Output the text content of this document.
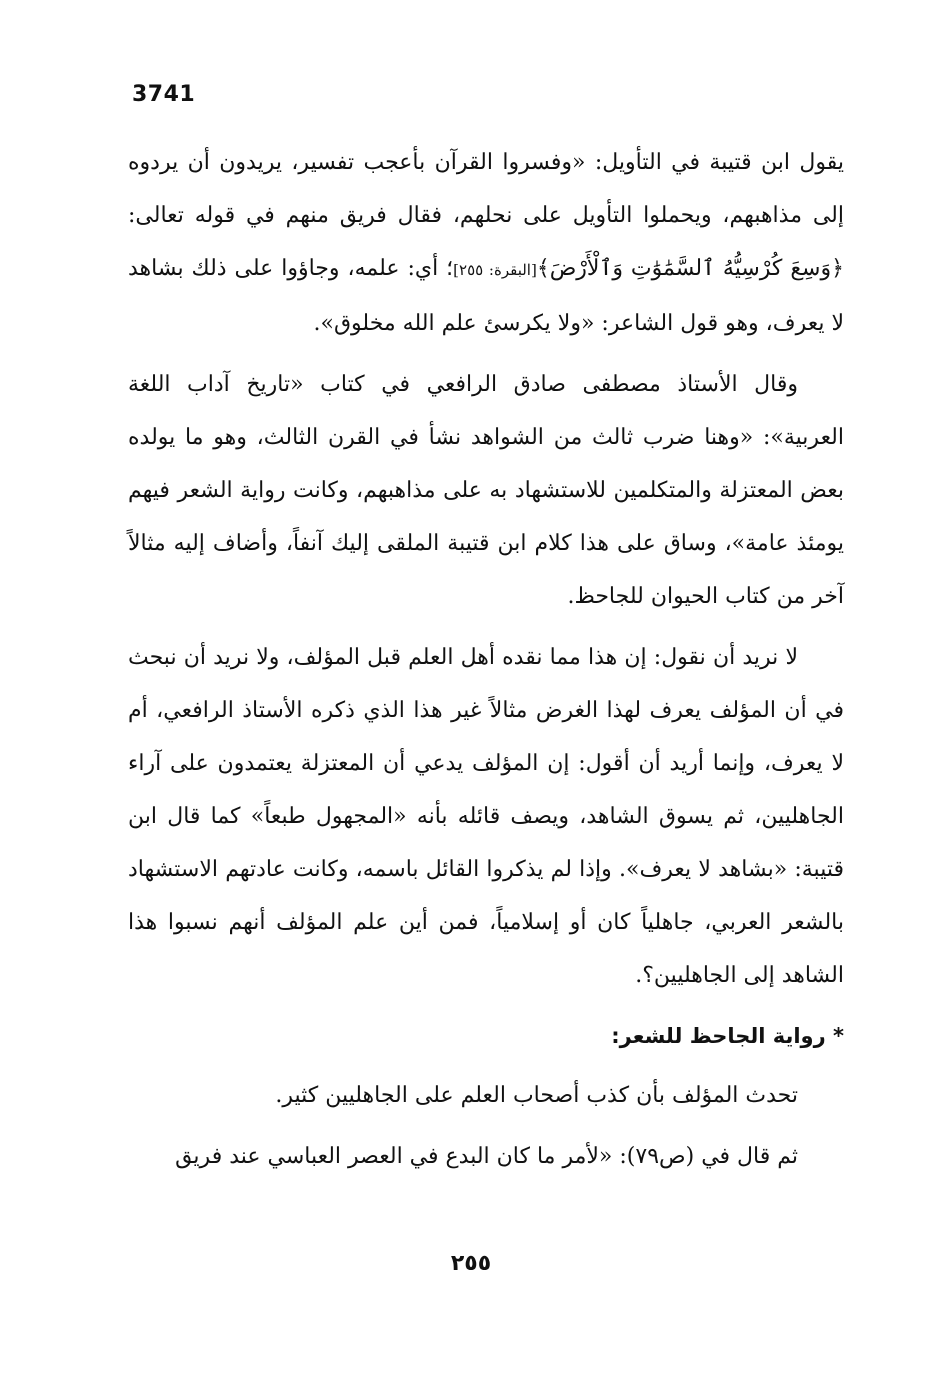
3741

يقول ابن قتيبة في التأويل: «وفسروا القرآن بأعجب تفسير، يريدون أن يردوه إلى مذاهبهم، ويحملوا التأويل على نحلهم، فقال فريق منهم في قوله تعالى: ﴿وَسِعَ كُرْسِيُّهُ ٱلسَّمَٰوَٰتِ وَٱلْأَرْضَ﴾[البقرة: ٢٥٥]؛ أي: علمه، وجاؤوا على ذلك بشاهد لا يعرف، وهو قول الشاعر: «ولا يكرسئ علم الله مخلوق».

وقال الأستاذ مصطفى صادق الرافعي في كتاب «تاريخ آداب اللغة العربية»: «وهنا ضرب ثالث من الشواهد نشأ في القرن الثالث، وهو ما يولده بعض المعتزلة والمتكلمين للاستشهاد به على مذاهبهم، وكانت رواية الشعر فيهم يومئذ عامة»، وساق على هذا كلام ابن قتيبة الملقى إليك آنفاً، وأضاف إليه مثالاً آخر من كتاب الحيوان للجاحظ.

لا نريد أن نقول: إن هذا مما نقده أهل العلم قبل المؤلف، ولا نريد أن نبحث في أن المؤلف يعرف لهذا الغرض مثالاً غير هذا الذي ذكره الأستاذ الرافعي، أم لا يعرف، وإنما أريد أن أقول: إن المؤلف يدعي أن المعتزلة يعتمدون على آراء الجاهليين، ثم يسوق الشاهد، ويصف قائله بأنه «المجهول طبعاً» كما قال ابن قتيبة: «بشاهد لا يعرف». وإذا لم يذكروا القائل باسمه، وكانت عادتهم الاستشهاد بالشعر العربي، جاهلياً كان أو إسلامياً، فمن أين علم المؤلف أنهم نسبوا هذا الشاهد إلى الجاهليين؟.

* رواية الجاحظ للشعر:

تحدث المؤلف بأن كذب أصحاب العلم على الجاهليين كثير.

ثم قال في (ص٧٩): «لأمر ما كان البدع في العصر العباسي عند فريق

٢٥٥
